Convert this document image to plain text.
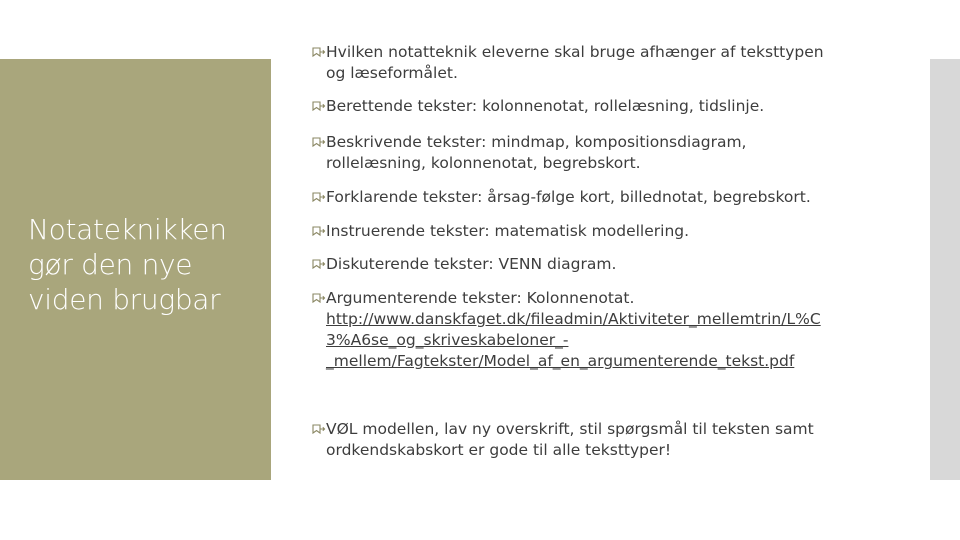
Notateknikken
gør den nye
viden brugbar
Hvilken notatteknik eleverne skal bruge afhænger af teksttypen
og læseformålet.
Berettende tekster: kolonnenotat, rollelæsning, tidslinje.
Beskrivende tekster: mindmap, kompositionsdiagram,
rollelæsning, kolonnenotat, begrebskort.
Forklarende tekster: årsag-følge kort, billednotat, begrebskort.
Instruerende tekster: matematisk modellering.
Diskuterende tekster: VENN diagram.
Argumenterende tekster: Kolonnenotat.
http://www.danskfaget.dk/fileadmin/Aktiviteter_mellemtrin/L%C
3%A6se_og_skriveskabeloner_-
_mellem/Fagtekster/Model_af_en_argumenterende_tekst.pdf
VØL modellen, lav ny overskrift, stil spørgsmål til teksten samt
ordkendskabskort er gode til alle teksttyper!
